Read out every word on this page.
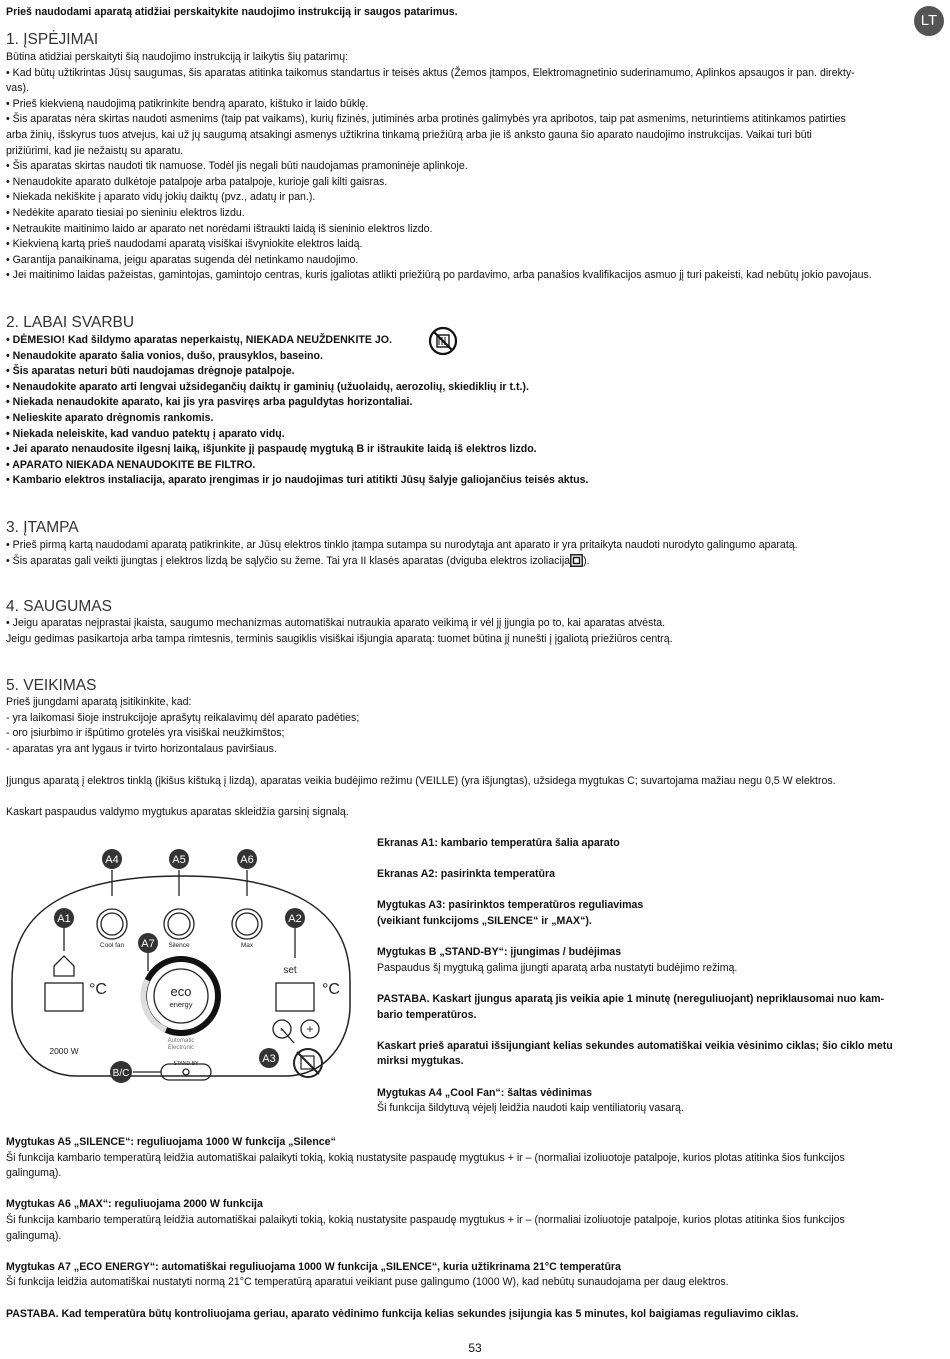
LT

Prieš naudodami aparatą atidžiai perskaitykite naudojimo instrukciją ir saugos patarimus.

1. ĮSPĖJIMAI
Būtina atidžiai perskaityti šią naudojimo instrukciją ir laikytis šių patarimų:
• Kad būtų užtikrintas Jūsų saugumas, šis aparatas atitinka taikomus standartus ir teisės aktus (Žemos įtampos, Elektromagnetinio suderinamumo, Aplinkos apsaugos ir pan. direkty-
vas).
• Prieš kiekvieną naudojimą patikrinkite bendrą aparato, kištuko ir laido būklę.
• Šis aparatas nėra skirtas naudoti asmenims (taip pat vaikams), kurių fizinės, jutiminės arba protinės galimybės yra apribotos, taip pat asmenims, neturintiems atitinkamos patirties
arba žinių, išskyrus tuos atvejus, kai už jų saugumą atsakingi asmenys užtikrina tinkamą priežiūrą arba jie iš anksto gauna šio aparato naudojimo instrukcijas. Vaikai turi būti
prižiūrimi, kad jie nežaistų su aparatu.
• Šis aparatas skirtas naudoti tik namuose. Todėl jis negali būti naudojamas pramoninėje aplinkoje.
• Nenaudokite aparato dulkėtoje patalpoje arba patalpoje, kurioje gali kilti gaisras.
• Niekada nekiškite į aparato vidų jokių daiktų (pvz., adatų ir pan.).
• Nedėkite aparato tiesiai po sieniniu elektros lizdu.
• Netraukite maitinimo laido ar aparato net norėdami ištraukti laidą iš sieninio elektros lizdo.
• Kiekvieną kartą prieš naudodami aparatą visiškai išvyniokite elektros laidą.
• Garantija panaikinama, jeigu aparatas sugenda dėl netinkamo naudojimo.
• Jei maitinimo laidas pažeistas, gamintojas, gamintojo centras, kuris įgaliotas atlikti priežiūrą po pardavimo, arba panašios kvalifikacijos asmuo jį turi pakeisti, kad nebūtų jokio pavojaus.
2. LABAI SVARBU
• DĖMESIO! Kad šildymo aparatas neperkaistų, NIEKADA NEUŽDENKITE JO.
• Nenaudokite aparato šalia vonios, dušo, prausyklos, baseino.
• Šis aparatas neturi būti naudojamas drėgnoje patalpoje.
• Nenaudokite aparato arti lengvai užsidegančių daiktų ir gaminių (užuolaidų, aerozolių, skiediklių ir t.t.).
• Niekada nenaudokite aparato, kai jis yra pasviręs arba paguldytas horizontaliai.
• Nelieskite aparato drėgnomis rankomis.
• Niekada neleiskite, kad vanduo patektų į aparato vidų.
• Jei aparato nenaudosite ilgesnį laiką, išjunkite jį paspaudę mygtuką B ir ištraukite laidą iš elektros lizdo.
• APARATO NIEKADA NENAUDOKITE BE FILTRO.
• Kambario elektros instaliacija, aparato įrengimas ir jo naudojimas turi atitikti Jūsų šalyje galiojančius teisės aktus.
3. ĮTAMPA
• Prieš pirmą kartą naudodami aparatą patikrinkite, ar Jūsų elektros tinklo įtampa sutampa su nurodytąja ant aparato ir yra pritaikyta naudoti nurodyto galingumo aparatą.
• Šis aparatas gali veikti įjungtas į elektros lizdą be sąlyčio su žeme. Tai yra II klasės aparatas (dviguba elektros izoliacija ).
4. SAUGUMAS
• Jeigu aparatas neįprastai įkaista, saugumo mechanizmas automatiškai nutraukia aparato veikimą ir vėl jį įjungia po to, kai aparatas atvėsta.
Jeigu gedimas pasikartoja arba tampa rimtesnis, terminis saugiklis visiškai išjungia aparatą: tuomet būtina jį nunešti į įgaliotą priežiūros centrą.
5. VEIKIMAS
Prieš įjungdami aparatą įsitikinkite, kad:
- yra laikomasi šioje instrukcijoje aprašytų reikalavimų dėl aparato padėties;
- oro įsiurbimo ir išpūtimo grotelės yra visiškai neužkimštos;
- aparatas yra ant lygaus ir tvirto horizontalaus paviršiaus.
Įjungus aparatą į elektros tinklą (įkišus kištuką į lizdą), aparatas veikia budėjimo režimu (VEILLE) (yra išjungtas), užsidega mygtukas C; suvartojama mažiau negu 0,5 W elektros.
Kaskart paspaudus valdymo mygtukus aparatas skleidžia garsinį signalą.
A4	A5	A6
A1	A2
A7
A3
B/C
Cool fan	Silence	Max
eco
energy
Automatic
Electronic
°C	°C
set
2000 W
STAND-BY
- +
Ekranas A1: kambario temperatūra šalia aparato
Ekranas A2: pasirinkta temperatūra
Mygtukas A3: pasirinktos temperatūros reguliavimas
(veikiant funkcijoms „SILENCE“ ir „MAX“).
Mygtukas B „STAND-BY“: įjungimas / budėjimas
Paspaudus šį mygtuką galima įjungti aparatą arba nustatyti budėjimo režimą.
PASTABA. Kaskart įjungus aparatą jis veikia apie 1 minutę (nereguliuojant) nepriklausomai nuo kam-
bario temperatūros.
Kaskart prieš aparatui išsijungiant kelias sekundes automatiškai veikia vėsinimo ciklas; šio ciklo metu
mirksi mygtukas.
Mygtukas A4 „Cool Fan“: šaltas vėdinimas
Ši funkcija šildytuvą vėjelį leidžia naudoti kaip ventiliatorių vasarą.
Mygtukas A5 „SILENCE“: reguliuojama 1000 W funkcija „Silence“
Ši funkcija kambario temperatūrą leidžia automatiškai palaikyti tokią, kokią nustatysite paspaudę mygtukus + ir – (normaliai izoliuotoje patalpoje, kurios plotas atitinka šios funkcijos
galingumą).
Mygtukas A6 „MAX“: reguliuojama 2000 W funkcija
Ši funkcija kambario temperatūrą leidžia automatiškai palaikyti tokią, kokią nustatysite paspaudę mygtukus + ir – (normaliai izoliuotoje patalpoje, kurios plotas atitinka šios funkcijos
galingumą).
Mygtukas A7 „ECO ENERGY“: automatiškai reguliuojama 1000 W funkcija „SILENCE“, kuria užtikrinama 21°C temperatūra
Ši funkcija leidžia automatiškai nustatyti normą 21°C temperatūrą aparatui veikiant puse galingumo (1000 W), kad nebūtų sunaudojama per daug elektros.
PASTABA. Kad temperatūra būtų kontroliuojama geriau, aparato vėdinimo funkcija kelias sekundes įsijungia kas 5 minutes, kol baigiamas reguliavimo ciklas.
53
